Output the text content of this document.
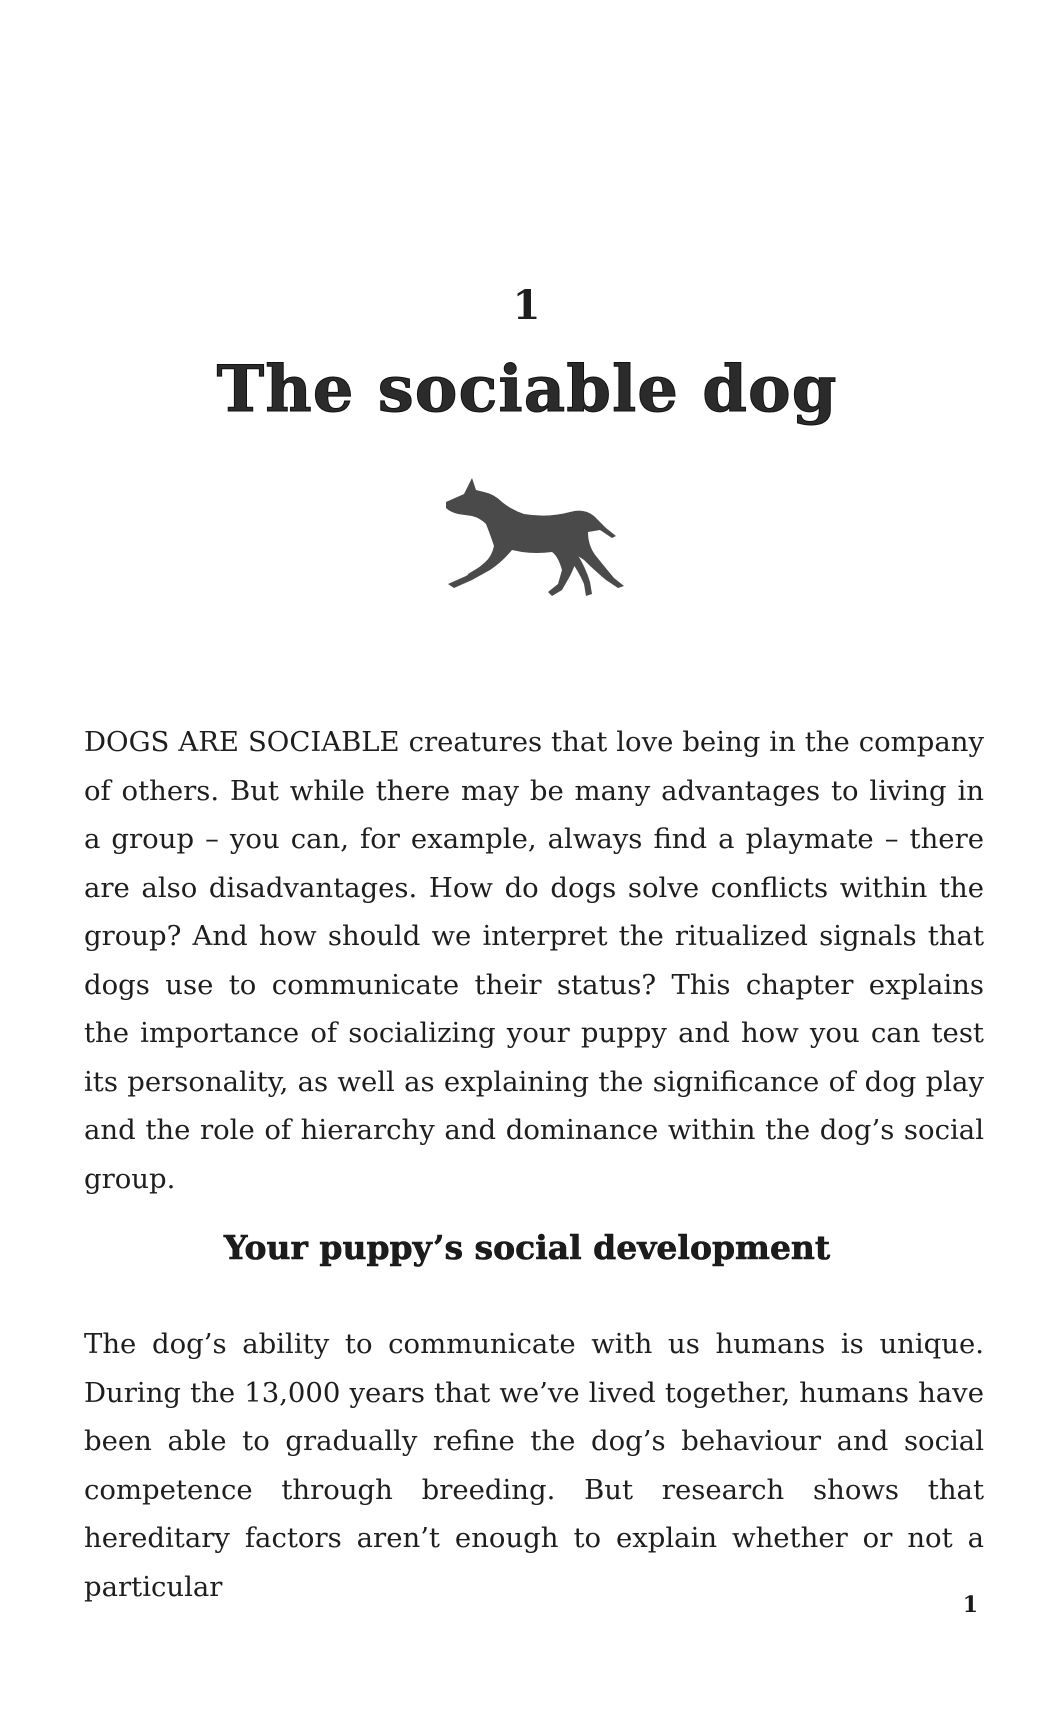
1
The sociable dog
DOGS ARE SOCIABLE creatures that love being in the company of others. But while there may be many advantages to living in a group – you can, for example, always find a playmate – there are also disadvantages. How do dogs solve conflicts within the group? And how should we interpret the ritualized signals that dogs use to communicate their status? This chapter explains the importance of socializing your puppy and how you can test its personality, as well as explaining the significance of dog play and the role of hierarchy and dominance within the dog’s social group.
Your puppy’s social development
The dog’s ability to communicate with us humans is unique. During the 13,000 years that we’ve lived together, humans have been able to gradually refine the dog’s behaviour and social competence through breeding. But research shows that hereditary factors aren’t enough to explain whether or not a particular
1
